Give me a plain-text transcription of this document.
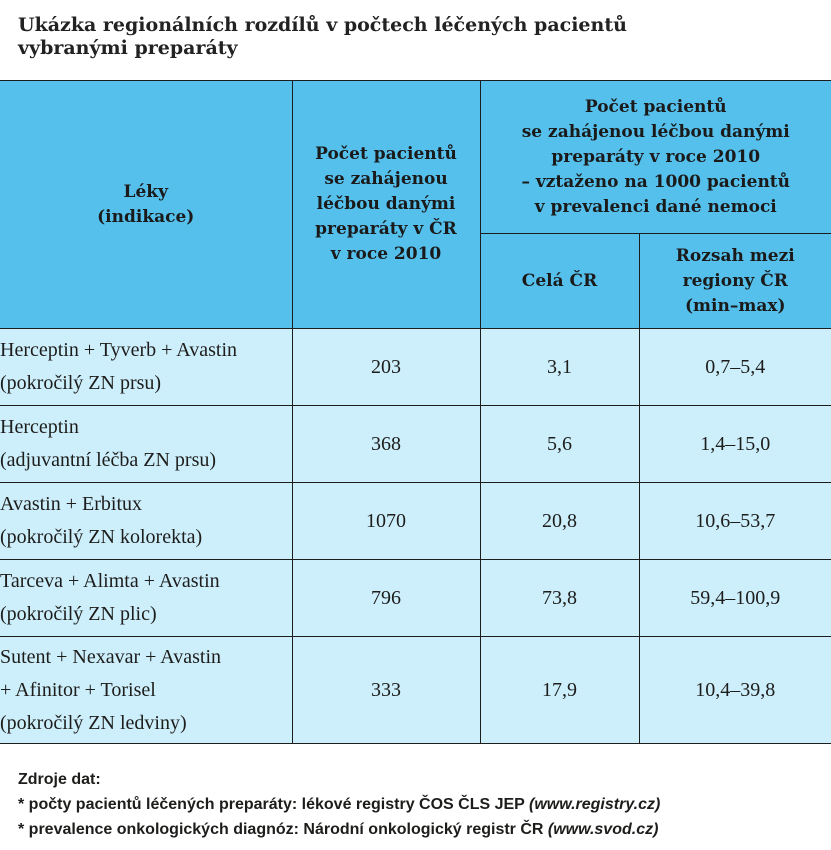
Ukázka regionálních rozdílů v počtech léčených pacientů
vybranými preparáty
Léky
(indikace)	Počet pacientů
se zahájenou
léčbou danými
preparáty v ČR
v roce 2010	Počet pacientů
se zahájenou léčbou danými
preparáty v roce 2010
– vztaženo na 1000 pacientů
v prevalenci dané nemoci	

		Celá ČR	Rozsah mezi
regiony ČR
(min–max)

Herceptin + Tyverb + Avastin
(pokročilý ZN prsu)	203	3,1	0,7–5,4

Herceptin
(adjuvantní léčba ZN prsu)	368	5,6	1,4–15,0

Avastin + Erbitux
(pokročilý ZN kolorekta)	1070	20,8	10,6–53,7

Tarceva + Alimta + Avastin
(pokročilý ZN plic)	796	73,8	59,4–100,9

Sutent + Nexavar + Avastin
+ Afinitor + Torisel
(pokročilý ZN ledviny)	333	17,9	10,4–39,8
Zdroje dat:
* počty pacientů léčených preparáty: lékové registry ČOS ČLS JEP (www.registry.cz)
* prevalence onkologických diagnóz: Národní onkologický registr ČR (www.svod.cz)
